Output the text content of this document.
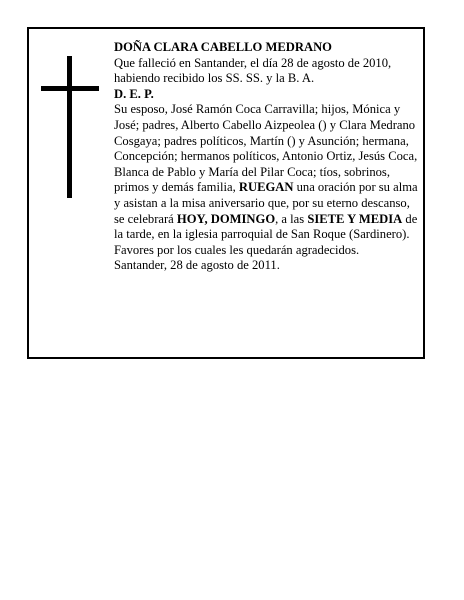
DOÑA CLARA CABELLO MEDRANO

Que falleció en Santander, el día 28 de agosto de 2010, habiendo recibido los SS. SS. y la B. A.

D. E. P.

Su esposo, José Ramón Coca Carravilla; hijos, Mónica y José; padres, Alberto Cabello Aizpeolea () y Clara Medrano Cosgaya; padres políticos, Martín () y Asunción; hermana, Concepción; hermanos políticos, Antonio Ortiz, Jesús Coca, Blanca de Pablo y María del Pilar Coca; tíos, sobrinos, primos y demás familia, RUEGAN una oración por su alma y asistan a la misa aniversario que, por su eterno descanso, se celebrará HOY, DOMINGO, a las SIETE Y MEDIA de la tarde, en la iglesia parroquial de San Roque (Sardinero).

Favores por los cuales les quedarán agradecidos.

Santander, 28 de agosto de 2011.
